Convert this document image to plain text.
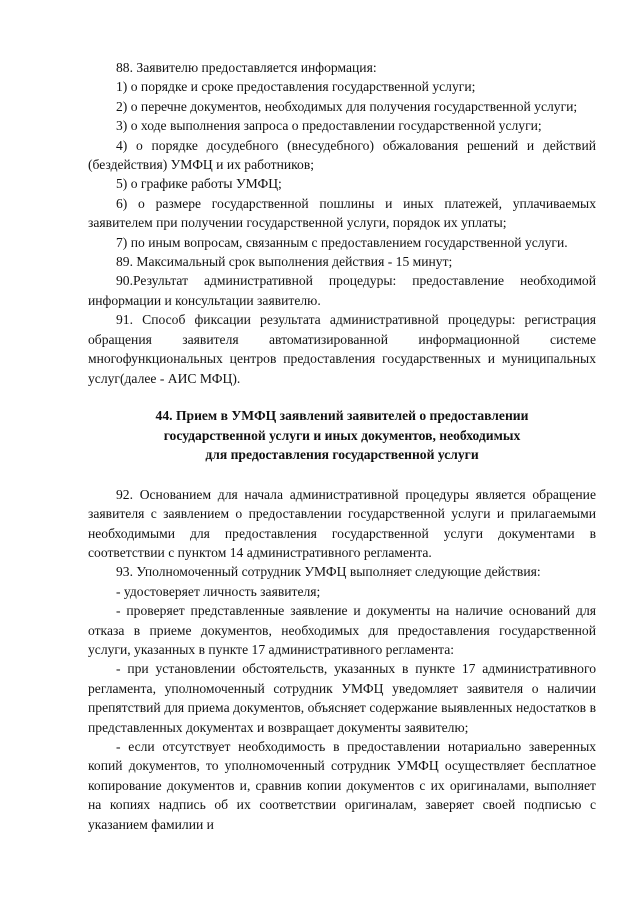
88. Заявителю предоставляется информация:

1) о порядке и сроке предоставления государственной услуги;

2) о перечне документов, необходимых для получения государственной услуги;

3) о ходе выполнения запроса о предоставлении государственной услуги;

4) о порядке досудебного (внесудебного) обжалования решений и действий (бездействия) УМФЦ и их работников;

5) о графике работы УМФЦ;

6) о размере государственной пошлины и иных платежей, уплачиваемых заявителем при получении государственной услуги, порядок их уплаты;

7) по иным вопросам, связанным с предоставлением государственной услуги.

89. Максимальный срок выполнения действия - 15 минут;

90.Результат административной процедуры: предоставление необходимой информации и консультации заявителю.

91. Способ фиксации результата административной процедуры: регистрация обращения заявителя автоматизированной информационной системе многофункциональных центров предоставления государственных и муниципальных услуг(далее - АИС МФЦ).

44. Прием в УМФЦ заявлений заявителей о предоставлении
государственной услуги и иных документов, необходимых
для предоставления государственной услуги

92. Основанием для начала административной процедуры является обращение заявителя с заявлением о предоставлении государственной услуги и прилагаемыми необходимыми для предоставления государственной услуги документами в соответствии с пунктом 14 административного регламента.

93. Уполномоченный сотрудник УМФЦ выполняет следующие действия:

- удостоверяет личность заявителя;

- проверяет представленные заявление и документы на наличие оснований для отказа в приеме документов, необходимых для предоставления государственной услуги, указанных в пункте 17 административного регламента:

- при установлении обстоятельств, указанных в пункте 17 административного регламента, уполномоченный сотрудник УМФЦ уведомляет заявителя о наличии препятствий для приема документов, объясняет содержание выявленных недостатков в представленных документах и возвращает документы заявителю;

- если отсутствует необходимость в предоставлении нотариально заверенных копий документов, то уполномоченный сотрудник УМФЦ осуществляет бесплатное копирование документов и, сравнив копии документов с их оригиналами, выполняет на копиях надпись об их соответствии оригиналам, заверяет своей подписью с указанием фамилии и
